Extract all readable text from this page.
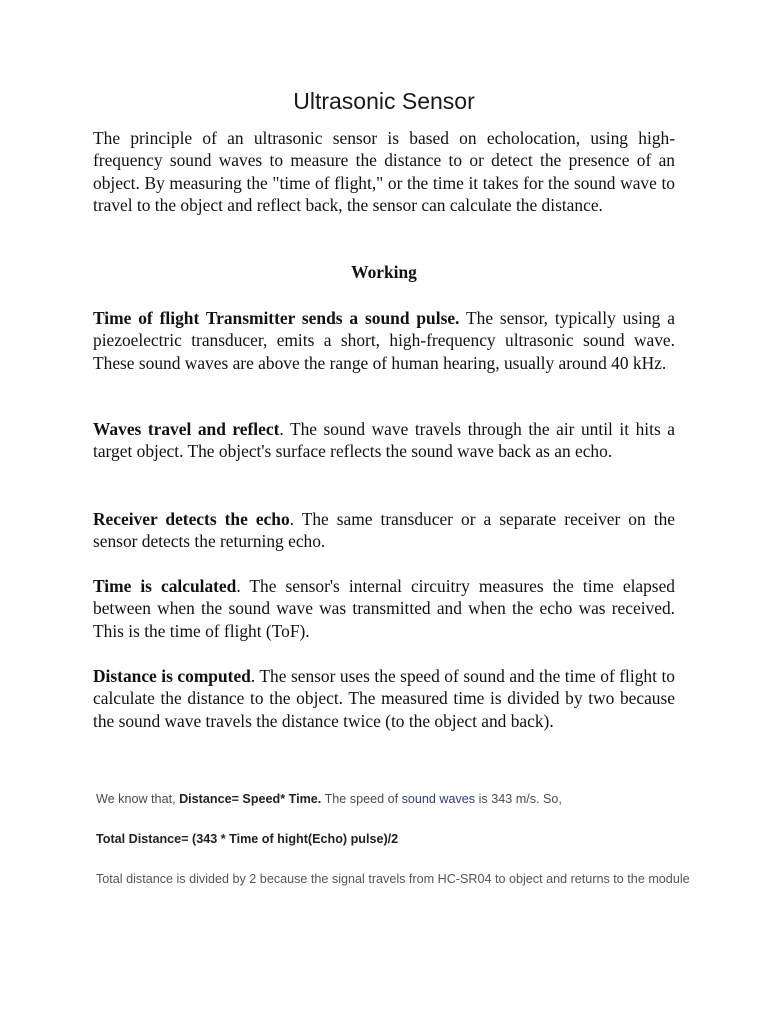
Ultrasonic Sensor

The principle of an ultrasonic sensor is based on echolocation, using high-frequency sound waves to measure the distance to or detect the presence of an object. By measuring the "time of flight," or the time it takes for the sound wave to travel to the object and reflect back, the sensor can calculate the distance.

Working

Time of flight Transmitter sends a sound pulse. The sensor, typically using a piezoelectric transducer, emits a short, high-frequency ultrasonic sound wave. These sound waves are above the range of human hearing, usually around 40 kHz.

Waves travel and reflect. The sound wave travels through the air until it hits a target object. The object's surface reflects the sound wave back as an echo.

Receiver detects the echo. The same transducer or a separate receiver on the sensor detects the returning echo.

Time is calculated. The sensor's internal circuitry measures the time elapsed between when the sound wave was transmitted and when the echo was received. This is the time of flight (ToF).

Distance is computed. The sensor uses the speed of sound and the time of flight to calculate the distance to the object. The measured time is divided by two because the sound wave travels the distance twice (to the object and back).

We know that, Distance= Speed* Time. The speed of sound waves is 343 m/s. So,

Total Distance= (343 * Time of hight(Echo) pulse)/2

Total distance is divided by 2 because the signal travels from HC-SR04 to object and returns to the module
